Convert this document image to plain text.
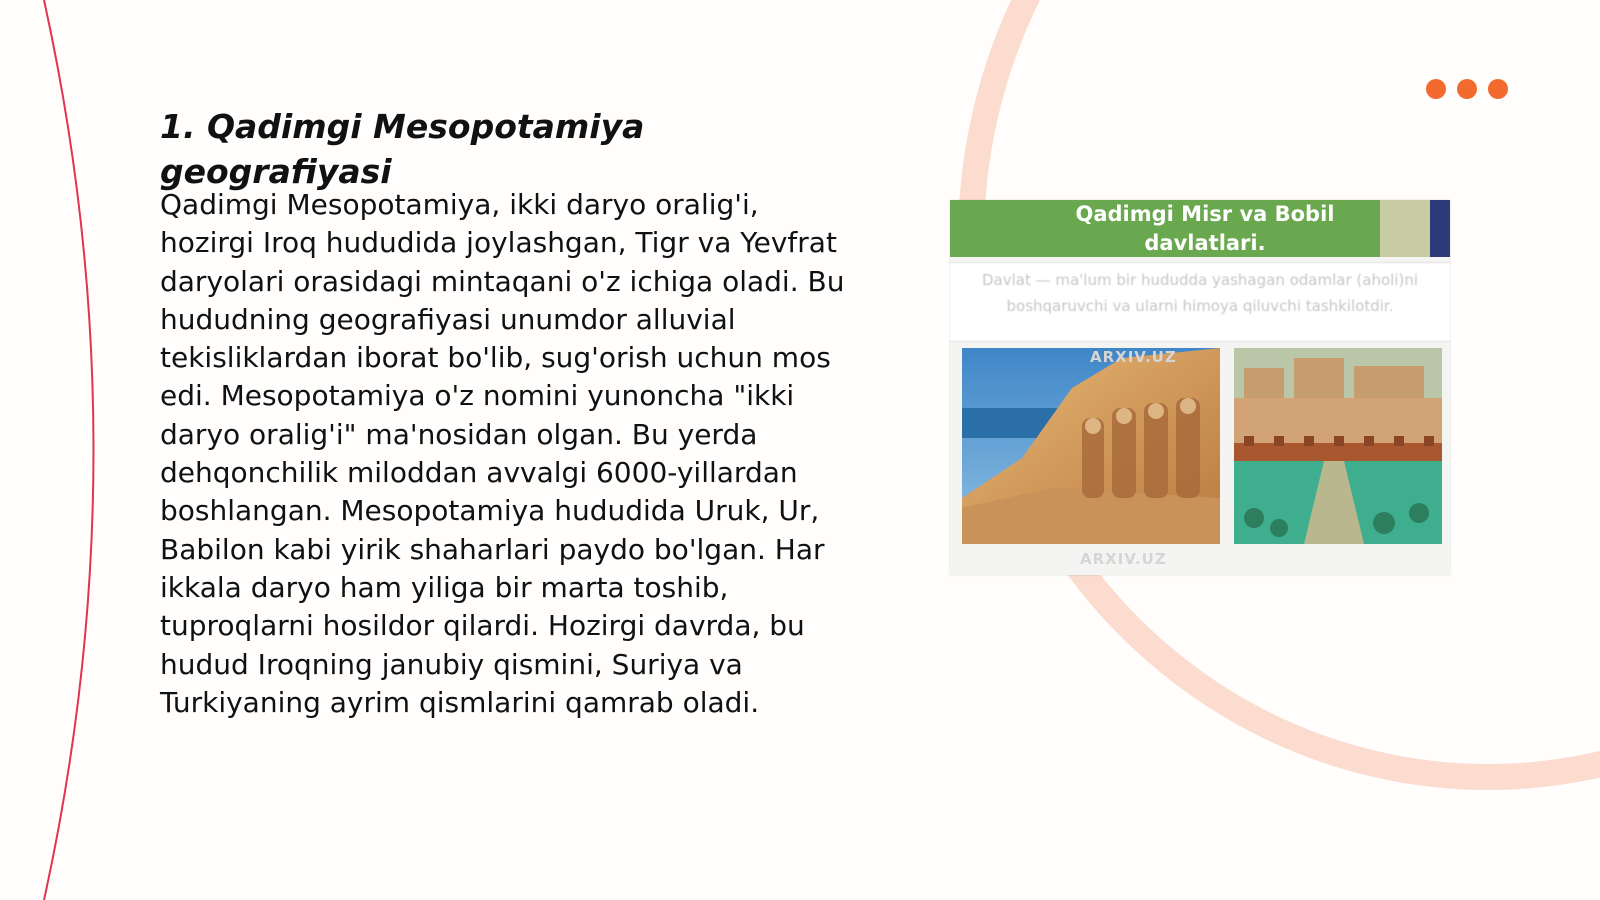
1. Qadimgi Mesopotamiya geografiyasi

Qadimgi Mesopotamiya, ikki daryo oralig'i, hozirgi Iroq hududida joylashgan, Tigr va Yevfrat daryolari orasidagi mintaqani o'z ichiga oladi. Bu hududning geografiyasi unumdor alluvial tekisliklardan iborat bo'lib, sug'orish uchun mos edi. Mesopotamiya o'z nomini yunoncha "ikki daryo oralig'i" ma'nosidan olgan. Bu yerda dehqonchilik miloddan avvalgi 6000-yillardan boshlangan. Mesopotamiya hududida Uruk, Ur, Babilon kabi yirik shaharlari paydo bo'lgan. Har ikkala daryo ham yiliga bir marta toshib, tuproqlarni hosildor qilardi. Hozirgi davrda, bu hudud Iroqning janubiy qismini, Suriya va Turkiyaning ayrim qismlarini qamrab oladi.

Qadimgi Misr va Bobil davlatlari.
Davlat — ma'lum bir hududda yashagan odamlar (aholi)ni boshqaruvchi va ularni himoya qiluvchi tashkilotdir.
ARXIV.UZ
ARXIV.UZ
